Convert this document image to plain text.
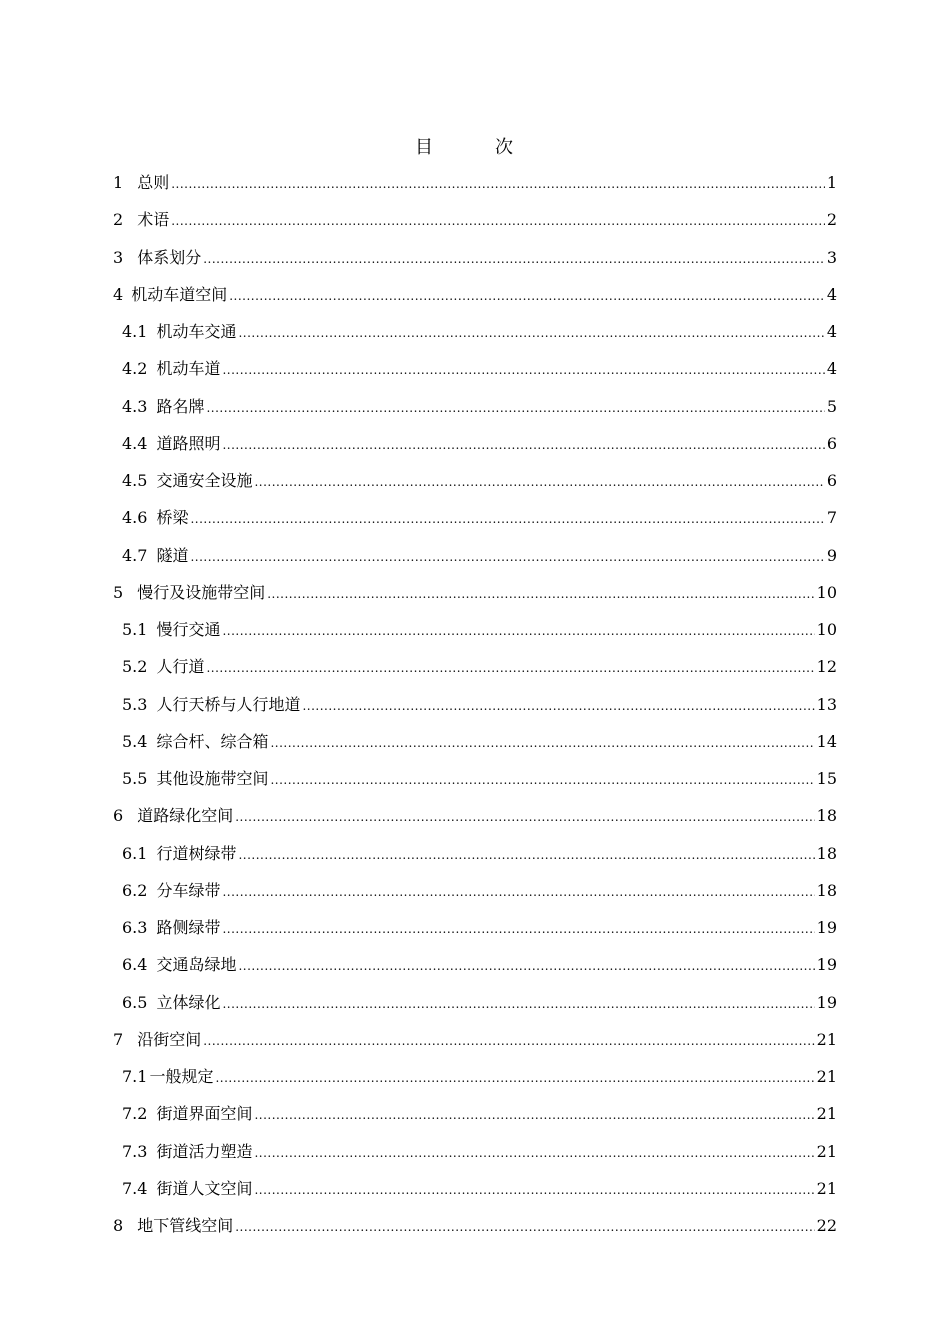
目　次
1 总则 .....	1
2 术语 .....	2
3 体系划分 .....	3
4 机动车道空间 .....	4
4.1 机动车交通 .....	4
4.2 机动车道 .....	4
4.3 路名牌 .....	5
4.4 道路照明 .....	6
4.5 交通安全设施 .....	6
4.6 桥梁 .....	7
4.7 隧道 .....	9
5 慢行及设施带空间 .....	10
5.1 慢行交通 .....	10
5.2 人行道 .....	12
5.3 人行天桥与人行地道 .....	13
5.4 综合杆、综合箱 .....	14
5.5 其他设施带空间 .....	15
6 道路绿化空间 .....	18
6.1 行道树绿带 .....	18
6.2 分车绿带 .....	18
6.3 路侧绿带 .....	19
6.4 交通岛绿地 .....	19
6.5 立体绿化 .....	19
7 沿街空间 .....	21
7.1 一般规定 .....	21
7.2 街道界面空间 .....	21
7.3 街道活力塑造 .....	21
7.4 街道人文空间 .....	21
8 地下管线空间 .....	22
